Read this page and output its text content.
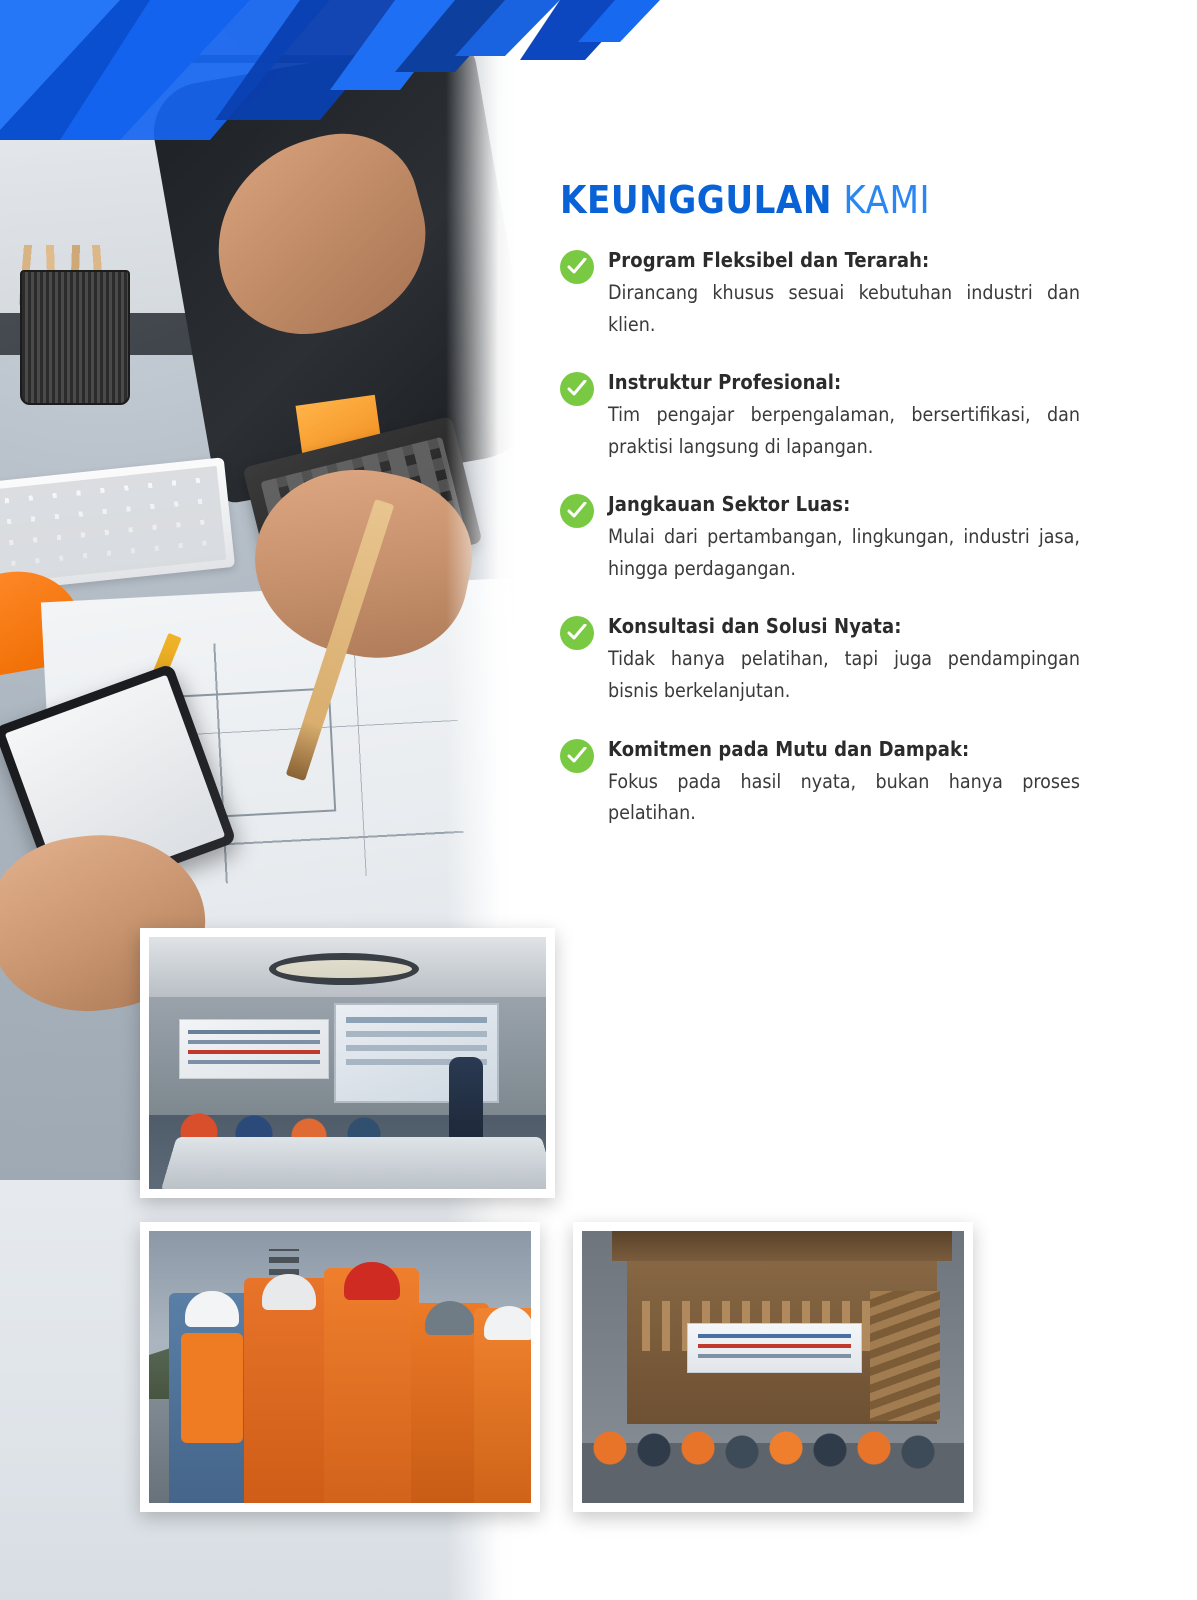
KEUNGGULAN KAMI
Program Fleksibel dan Terarah:
Dirancang khusus sesuai kebutuhan industri dan klien.
Instruktur Profesional:
Tim pengajar berpengalaman, bersertifikasi, dan praktisi langsung di lapangan.
Jangkauan Sektor Luas:
Mulai dari pertambangan, lingkungan, industri jasa, hingga perdagangan.
Konsultasi dan Solusi Nyata:
Tidak hanya pelatihan, tapi juga pendampingan bisnis berkelanjutan.
Komitmen pada Mutu dan Dampak:
Fokus pada hasil nyata, bukan hanya proses pelatihan.
